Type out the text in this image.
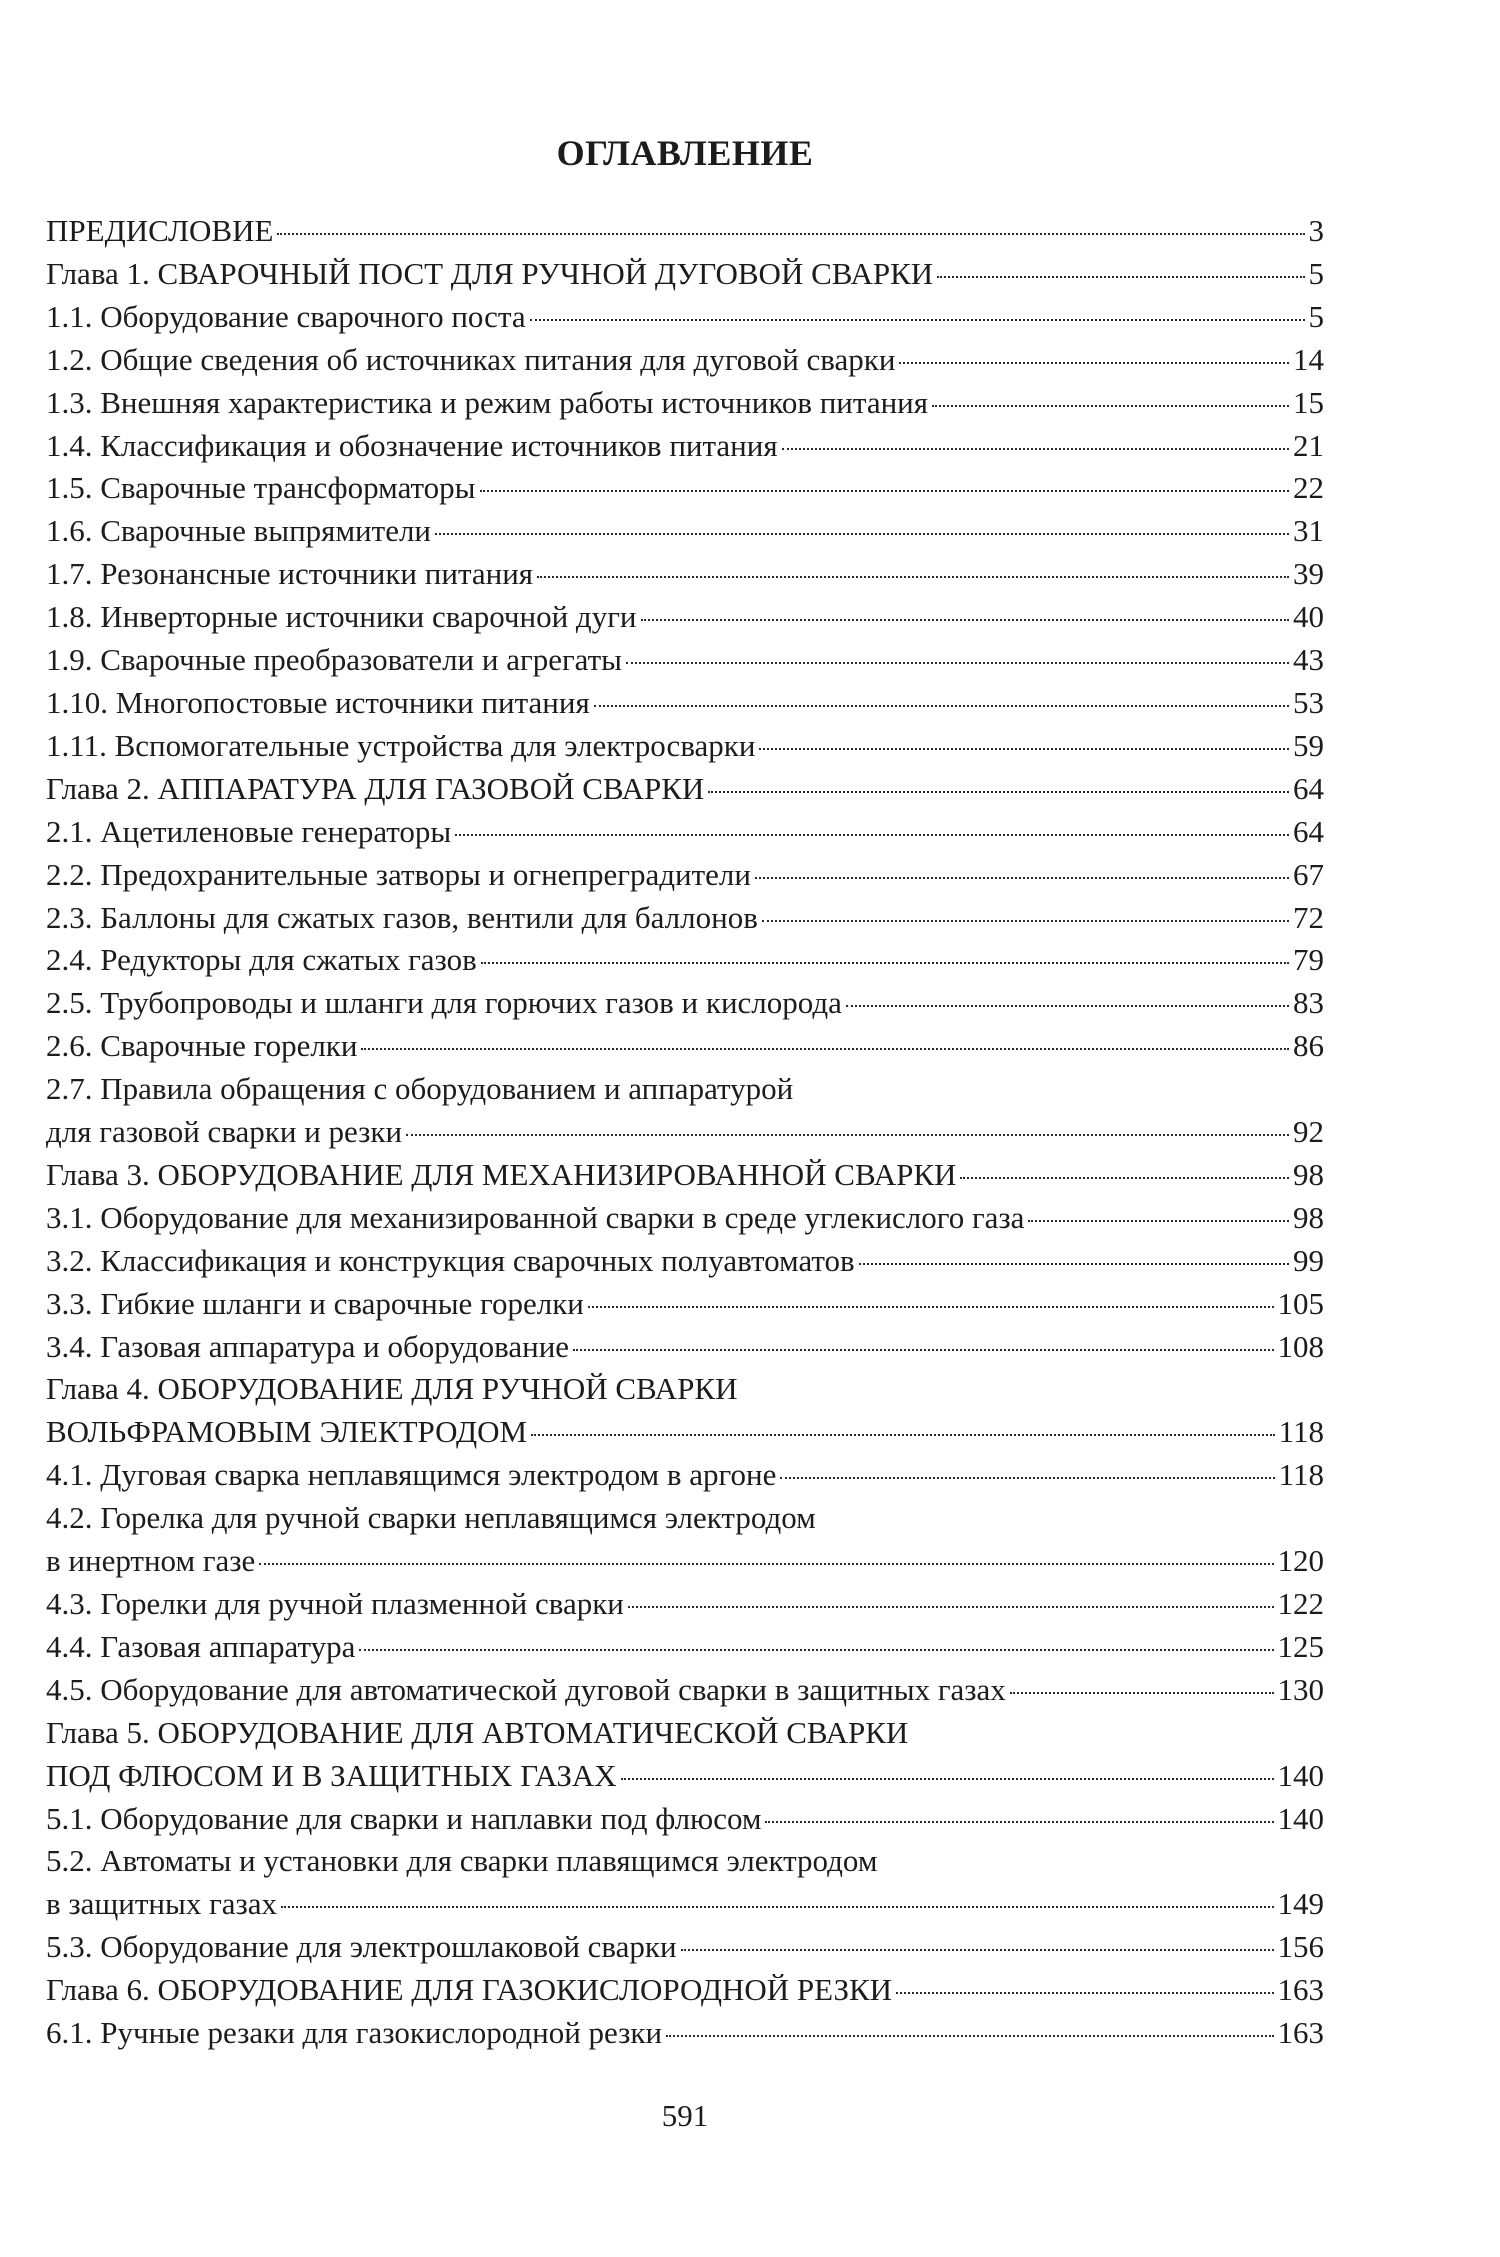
ОГЛАВЛЕНИЕ
ПРЕДИСЛОВИЕ	3
Глава 1. СВАРОЧНЫЙ ПОСТ ДЛЯ РУЧНОЙ ДУГОВОЙ СВАРКИ	5
1.1. Оборудование сварочного поста	5
1.2. Общие сведения об источниках питания для дуговой сварки	14
1.3. Внешняя характеристика и режим работы источников питания	15
1.4. Классификация и обозначение источников питания	21
1.5. Сварочные трансформаторы	22
1.6. Сварочные выпрямители	31
1.7. Резонансные источники питания	39
1.8. Инверторные источники сварочной дуги	40
1.9. Сварочные преобразователи и агрегаты	43
1.10. Многопостовые источники питания	53
1.11. Вспомогательные устройства для электросварки	59
Глава 2. АППАРАТУРА ДЛЯ ГАЗОВОЙ СВАРКИ	64
2.1. Ацетиленовые генераторы	64
2.2. Предохранительные затворы и огнепреградители	67
2.3. Баллоны для сжатых газов, вентили для баллонов	72
2.4. Редукторы для сжатых газов	79
2.5. Трубопроводы и шланги для горючих газов и кислорода	83
2.6. Сварочные горелки	86
2.7. Правила обращения с оборудованием и аппаратурой
для газовой сварки и резки	92
Глава 3. ОБОРУДОВАНИЕ ДЛЯ МЕХАНИЗИРОВАННОЙ СВАРКИ	98
3.1. Оборудование для механизированной сварки в среде углекислого газа	98
3.2. Классификация и конструкция сварочных полуавтоматов	99
3.3. Гибкие шланги и сварочные горелки	105
3.4. Газовая аппаратура и оборудование	108
Глава 4. ОБОРУДОВАНИЕ ДЛЯ РУЧНОЙ СВАРКИ
ВОЛЬФРАМОВЫМ ЭЛЕКТРОДОМ	118
4.1. Дуговая сварка неплавящимся электродом в аргоне	118
4.2. Горелка для ручной сварки неплавящимся электродом
в инертном газе	120
4.3. Горелки для ручной плазменной сварки	122
4.4. Газовая аппаратура	125
4.5. Оборудование для автоматической дуговой сварки в защитных газах	130
Глава 5. ОБОРУДОВАНИЕ ДЛЯ АВТОМАТИЧЕСКОЙ СВАРКИ
ПОД ФЛЮСОМ И В ЗАЩИТНЫХ ГАЗАХ	140
5.1. Оборудование для сварки и наплавки под флюсом	140
5.2. Автоматы и установки для сварки плавящимся электродом
в защитных газах	149
5.3. Оборудование для электрошлаковой сварки	156
Глава 6. ОБОРУДОВАНИЕ ДЛЯ ГАЗОКИСЛОРОДНОЙ РЕЗКИ	163
6.1. Ручные резаки для газокислородной резки	163
591
